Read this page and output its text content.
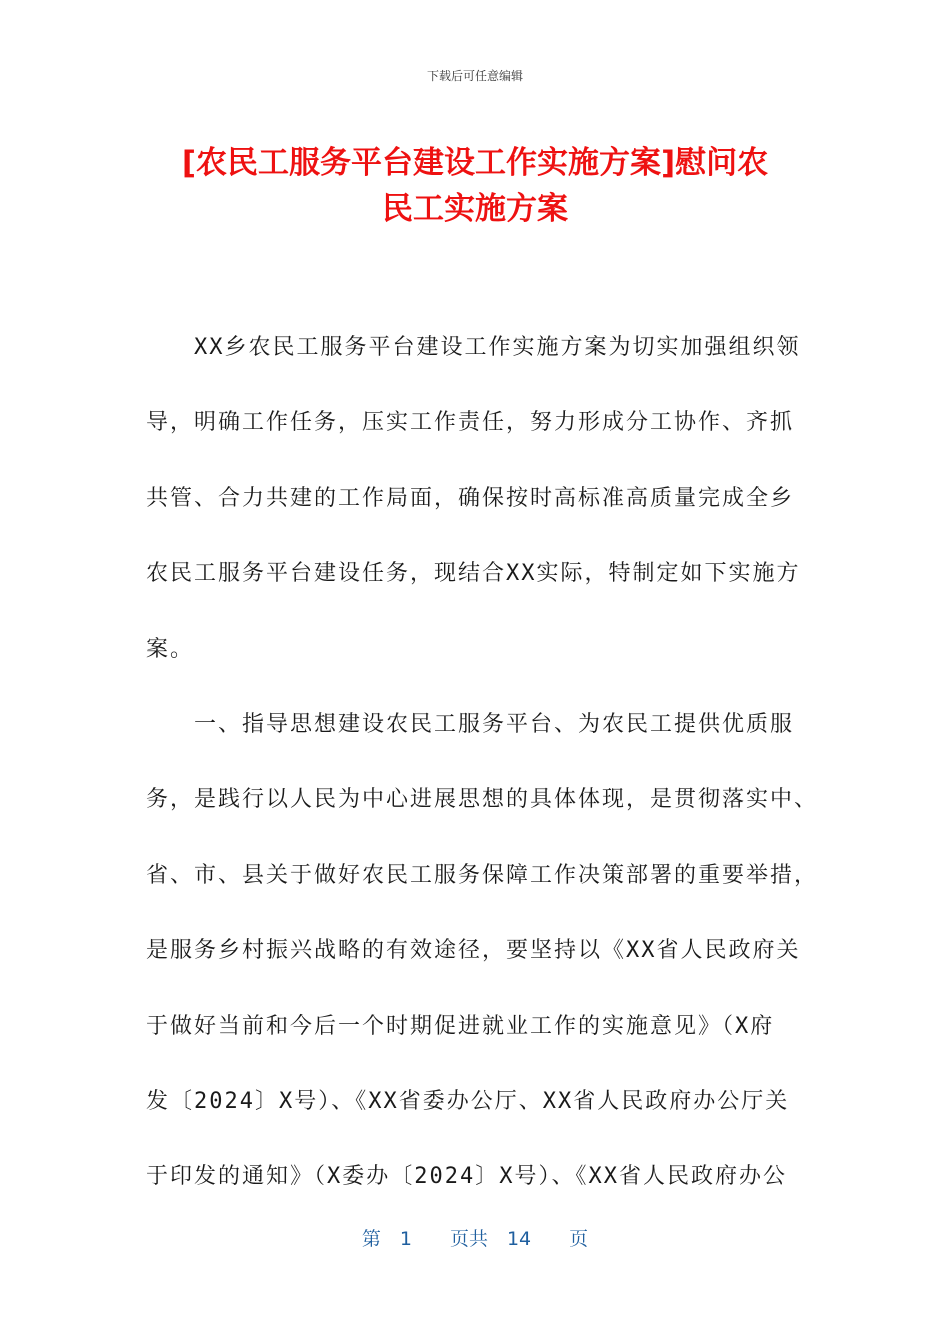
下载后可任意编辑
[农民工服务平台建设工作实施方案]慰问农
民工实施方案
　　XX乡农民工服务平台建设工作实施方案为切实加强组织领
导，明确工作任务，压实工作责任，努力形成分工协作、齐抓
共管、合力共建的工作局面，确保按时高标准高质量完成全乡
农民工服务平台建设任务，现结合XX实际，特制定如下实施方
案。
　　一、指导思想建设农民工服务平台、为农民工提供优质服
务，是践行以人民为中心进展思想的具体体现，是贯彻落实中、
省、市、县关于做好农民工服务保障工作决策部署的重要举措，
是服务乡村振兴战略的有效途径，要坚持以《XX省人民政府关
于做好当前和今后一个时期促进就业工作的实施意见》（X府
发〔2024〕X号）、《XX省委办公厅、XX省人民政府办公厅关
于印发的通知》（X委办〔2024〕X号）、《XX省人民政府办公
第　1　　页共　14　　页
